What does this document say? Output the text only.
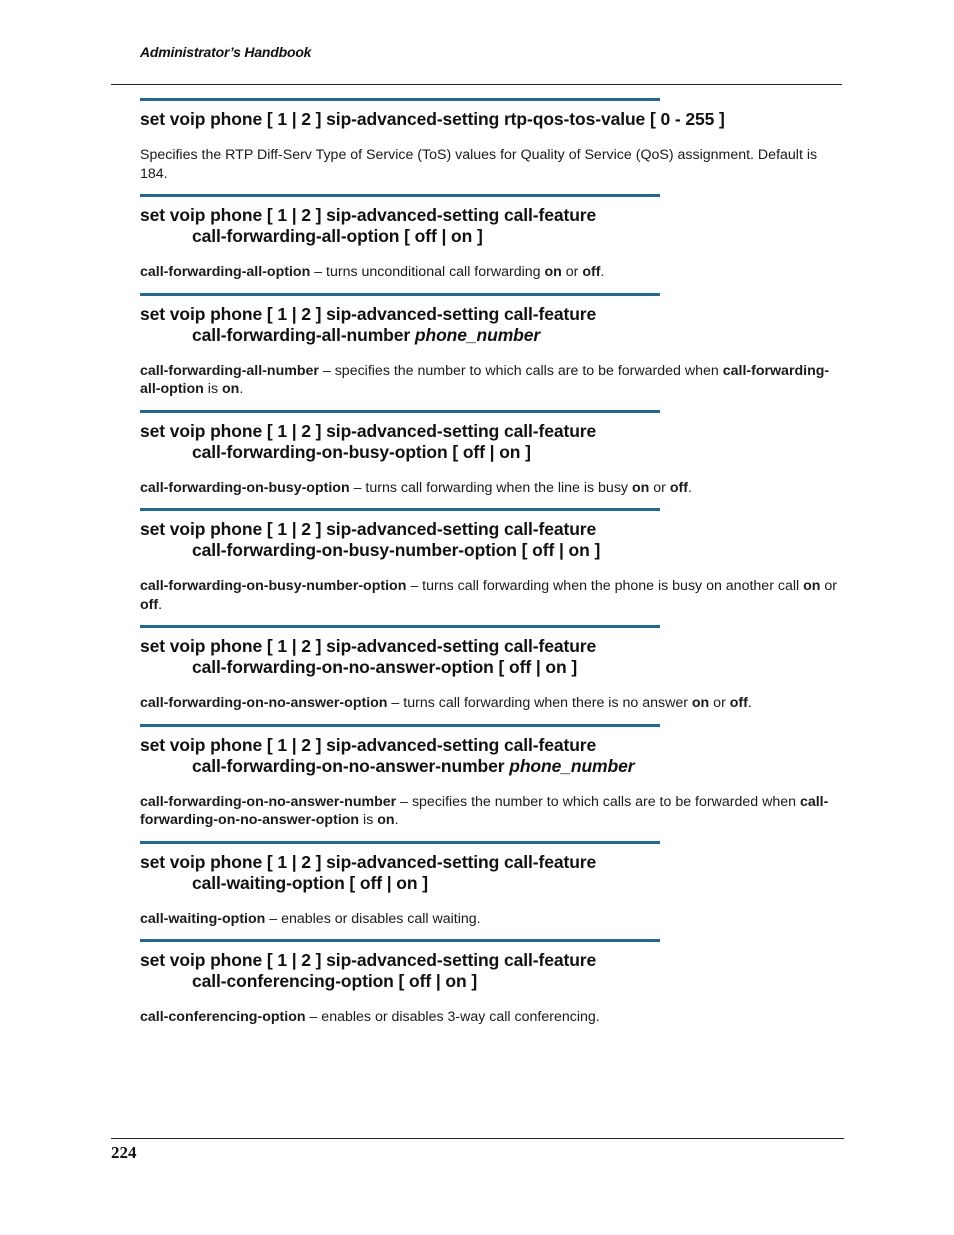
Administrator’s Handbook

set voip phone [ 1 | 2 ] sip-advanced-setting rtp-qos-tos-value [ 0 - 255 ]

Specifies the RTP Diff-Serv Type of Service (ToS) values for Quality of Service (QoS) assignment. Default is 184.

set voip phone [ 1 | 2 ] sip-advanced-setting call-feature
call-forwarding-all-option [ off | on ]

call-forwarding-all-option – turns unconditional call forwarding on or off.

set voip phone [ 1 | 2 ] sip-advanced-setting call-feature
call-forwarding-all-number phone_number

call-forwarding-all-number – specifies the number to which calls are to be forwarded when call-forwarding-all-option is on.

set voip phone [ 1 | 2 ] sip-advanced-setting call-feature
call-forwarding-on-busy-option [ off | on ]

call-forwarding-on-busy-option – turns call forwarding when the line is busy on or off.

set voip phone [ 1 | 2 ] sip-advanced-setting call-feature
call-forwarding-on-busy-number-option [ off | on ]

call-forwarding-on-busy-number-option – turns call forwarding when the phone is busy on another call on or off.

set voip phone [ 1 | 2 ] sip-advanced-setting call-feature
call-forwarding-on-no-answer-option [ off | on ]

call-forwarding-on-no-answer-option – turns call forwarding when there is no answer on or off.

set voip phone [ 1 | 2 ] sip-advanced-setting call-feature
call-forwarding-on-no-answer-number phone_number

call-forwarding-on-no-answer-number – specifies the number to which calls are to be forwarded when call-forwarding-on-no-answer-option is on.

set voip phone [ 1 | 2 ] sip-advanced-setting call-feature
call-waiting-option [ off | on ]

call-waiting-option – enables or disables call waiting.

set voip phone [ 1 | 2 ] sip-advanced-setting call-feature
call-conferencing-option [ off | on ]

call-conferencing-option – enables or disables 3-way call conferencing.

224
